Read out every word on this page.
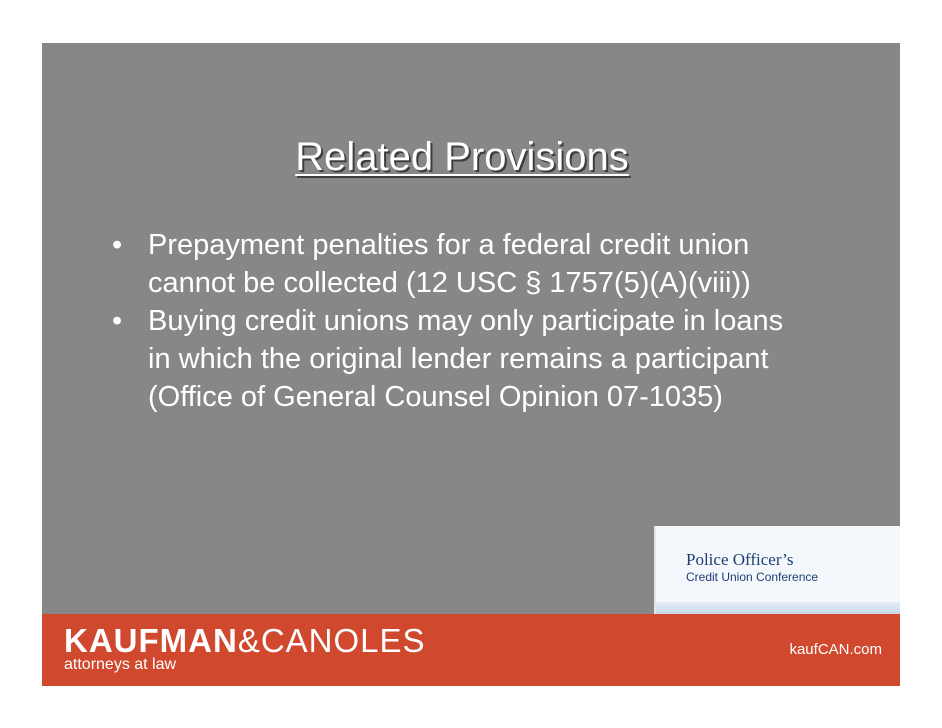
Related Provisions
• Prepayment penalties for a federal credit union cannot be collected (12 USC § 1757(5)(A)(viii))
• Buying credit unions may only participate in loans in which the original lender remains a participant (Office of General Counsel Opinion 07-1035)
Police Officer’s
Credit Union Conference
KAUFMAN&CANOLES
attorneys at law
kaufCAN.com
